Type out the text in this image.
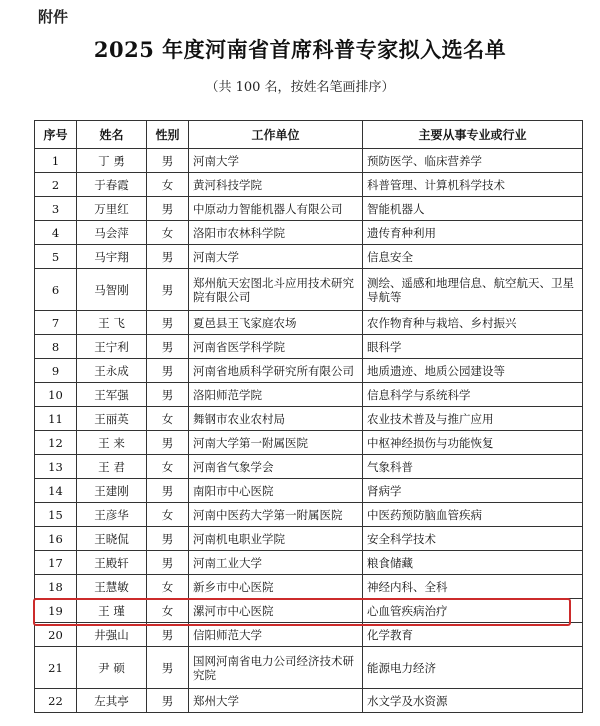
附件
2025 年度河南省首席科普专家拟入选名单
（共 100 名，按姓名笔画排序）
序号	姓名	性别	工作单位	主要从事专业或行业
1	丁 勇	男	河南大学	预防医学、临床营养学
2	于春霞	女	黄河科技学院	科普管理、计算机科学技术
3	万里红	男	中原动力智能机器人有限公司	智能机器人
4	马会萍	女	洛阳市农林科学院	遗传育种利用
5	马宇翔	男	河南大学	信息安全
6	马智刚	男	郑州航天宏图北斗应用技术研究院有限公司	测绘、遥感和地理信息、航空航天、卫星导航等
7	王 飞	男	夏邑县王飞家庭农场	农作物育种与栽培、乡村振兴
8	王宁利	男	河南省医学科学院	眼科学
9	王永成	男	河南省地质科学研究所有限公司	地质遗迹、地质公园建设等
10	王军强	男	洛阳师范学院	信息科学与系统科学
11	王丽英	女	舞钢市农业农村局	农业技术普及与推广应用
12	王 来	男	河南大学第一附属医院	中枢神经损伤与功能恢复
13	王 君	女	河南省气象学会	气象科普
14	王建刚	男	南阳市中心医院	肾病学
15	王彦华	女	河南中医药大学第一附属医院	中医药预防脑血管疾病
16	王晓侃	男	河南机电职业学院	安全科学技术
17	王殿轩	男	河南工业大学	粮食储藏
18	王慧敏	女	新乡市中心医院	神经内科、全科
19	王 瑾	女	漯河市中心医院	心血管疾病治疗
20	井强山	男	信阳师范大学	化学教育
21	尹 硕	男	国网河南省电力公司经济技术研究院	能源电力经济
22	左其亭	男	郑州大学	水文学及水资源
